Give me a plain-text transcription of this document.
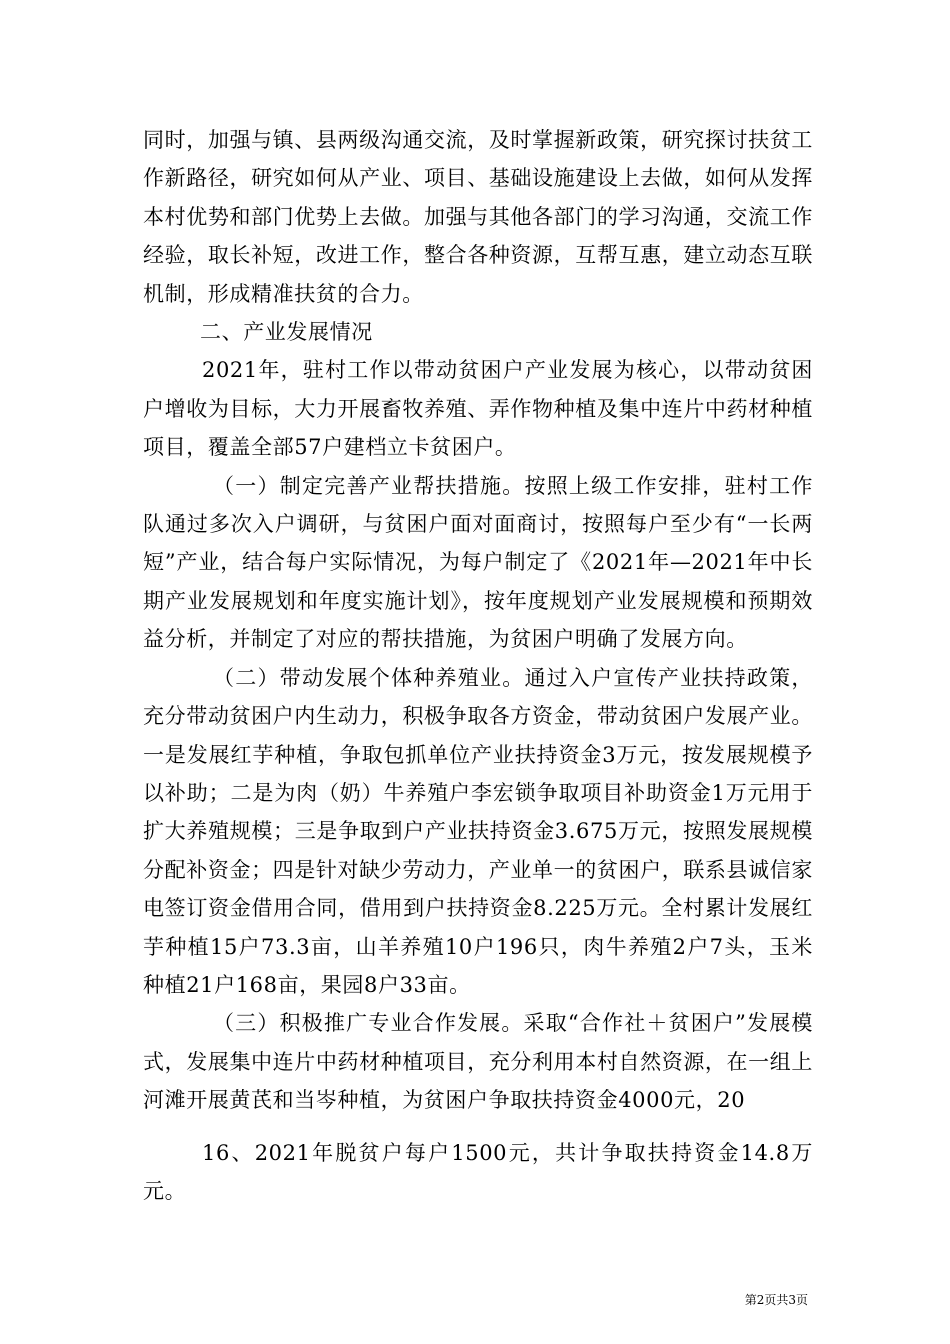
同时，加强与镇、县两级沟通交流，及时掌握新政策，研究探讨扶贫工作新路径，研究如何从产业、项目、基础设施建设上去做，如何从发挥本村优势和部门优势上去做。加强与其他各部门的学习沟通，交流工作经验，取长补短，改进工作，整合各种资源，互帮互惠，建立动态互联机制，形成精准扶贫的合力。

二、产业发展情况

2021年，驻村工作以带动贫困户产业发展为核心，以带动贫困户增收为目标，大力开展畜牧养殖、弄作物种植及集中连片中药材种植项目，覆盖全部57户建档立卡贫困户。

（一）制定完善产业帮扶措施。按照上级工作安排，驻村工作队通过多次入户调研，与贫困户面对面商讨，按照每户至少有“一长两短”产业，结合每户实际情况，为每户制定了《2021年—2021年中长期产业发展规划和年度实施计划》，按年度规划产业发展规模和预期效益分析，并制定了对应的帮扶措施，为贫困户明确了发展方向。

（二）带动发展个体种养殖业。通过入户宣传产业扶持政策，充分带动贫困户内生动力，积极争取各方资金，带动贫困户发展产业。一是发展红芋种植，争取包抓单位产业扶持资金3万元，按发展规模予以补助；二是为肉（奶）牛养殖户李宏锁争取项目补助资金1万元用于扩大养殖规模；三是争取到户产业扶持资金3.675万元，按照发展规模分配补资金；四是针对缺少劳动力，产业单一的贫困户，联系县诚信家电签订资金借用合同，借用到户扶持资金8.225万元。全村累计发展红芋种植15户73.3亩，山羊养殖10户196只，肉牛养殖2户7头，玉米种植21户168亩，果园8户33亩。

（三）积极推广专业合作发展。采取“合作社＋贫困户”发展模式，发展集中连片中药材种植项目，充分利用本村自然资源，在一组上河滩开展黄芪和当岑种植，为贫困户争取扶持资金4000元，20

16、2021年脱贫户每户1500元，共计争取扶持资金14.8万元。

第2页共3页
